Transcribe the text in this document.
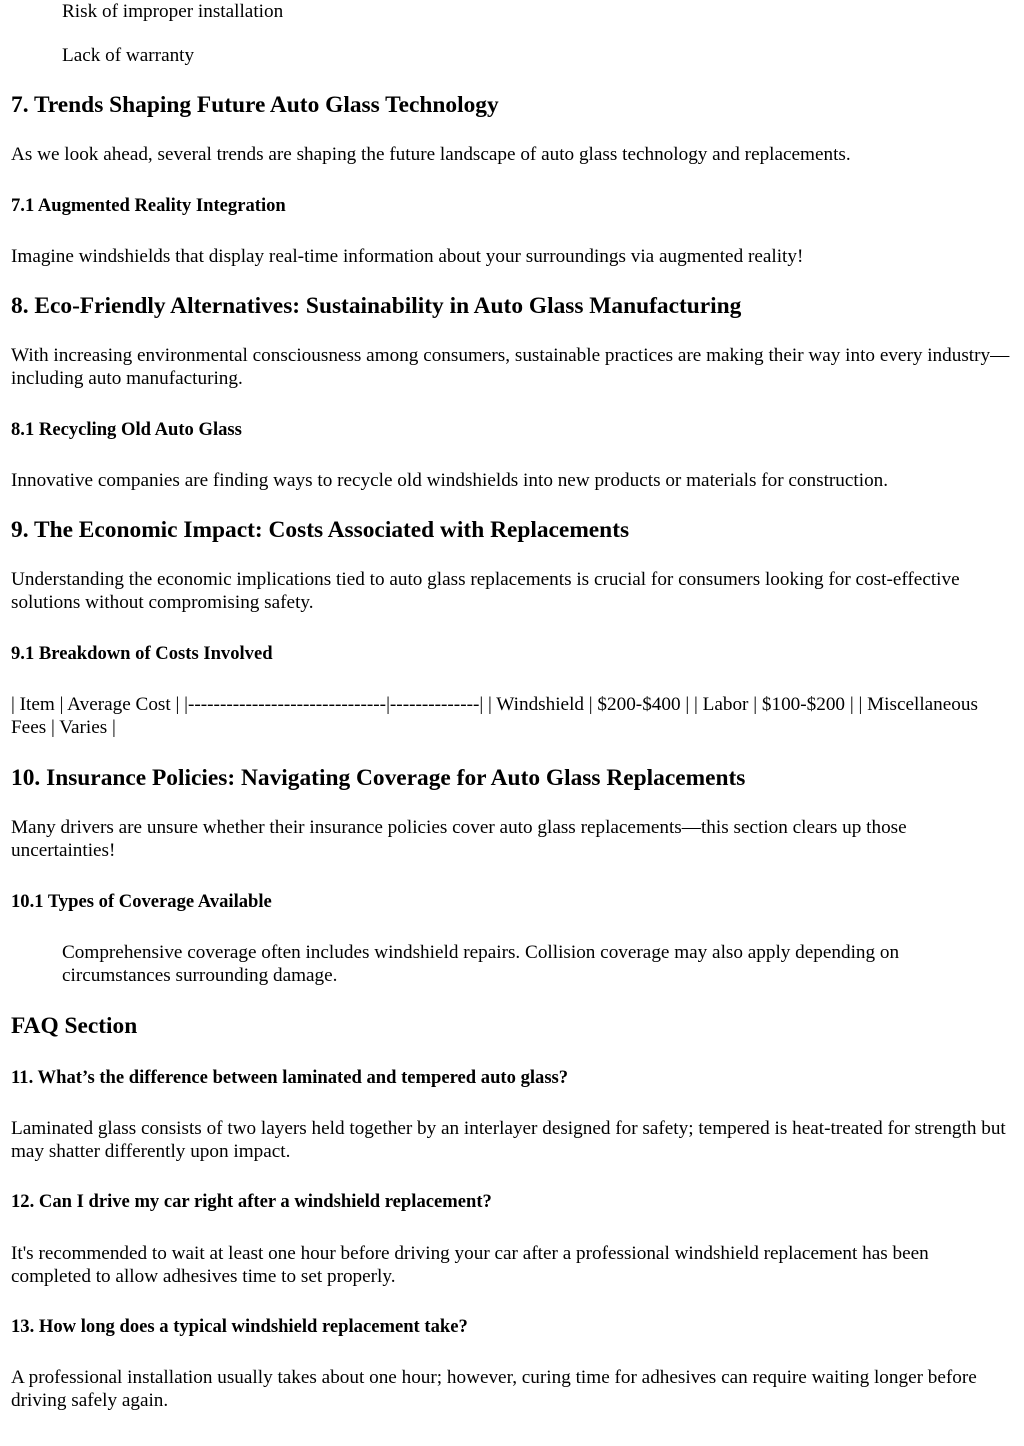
Risk of improper installation
Lack of warranty
7. Trends Shaping Future Auto Glass Technology

As we look ahead, several trends are shaping the future landscape of auto glass technology and replacements.

7.1 Augmented Reality Integration

Imagine windshields that display real-time information about your surroundings via augmented reality!

8. Eco-Friendly Alternatives: Sustainability in Auto Glass Manufacturing

With increasing environmental consciousness among consumers, sustainable practices are making their way into every industry—including auto manufacturing.

8.1 Recycling Old Auto Glass

Innovative companies are finding ways to recycle old windshields into new products or materials for construction.

9. The Economic Impact: Costs Associated with Replacements

Understanding the economic implications tied to auto glass replacements is crucial for consumers looking for cost-effective solutions without compromising safety.

9.1 Breakdown of Costs Involved

| Item | Average Cost | |-------------------------------|--------------| | Windshield | $200-$400 | | Labor | $100-$200 | | Miscellaneous Fees | Varies |

10. Insurance Policies: Navigating Coverage for Auto Glass Replacements

Many drivers are unsure whether their insurance policies cover auto glass replacements—this section clears up those uncertainties!

10.1 Types of Coverage Available

Comprehensive coverage often includes windshield repairs. Collision coverage may also apply depending on circumstances surrounding damage.

FAQ Section
11. What’s the difference between laminated and tempered auto glass?

Laminated glass consists of two layers held together by an interlayer designed for safety; tempered is heat-treated for strength but may shatter differently upon impact.

12. Can I drive my car right after a windshield replacement?

It's recommended to wait at least one hour before driving your car after a professional windshield replacement has been completed to allow adhesives time to set properly.

13. How long does a typical windshield replacement take?

A professional installation usually takes about one hour; however, curing time for adhesives can require waiting longer before driving safely again.
